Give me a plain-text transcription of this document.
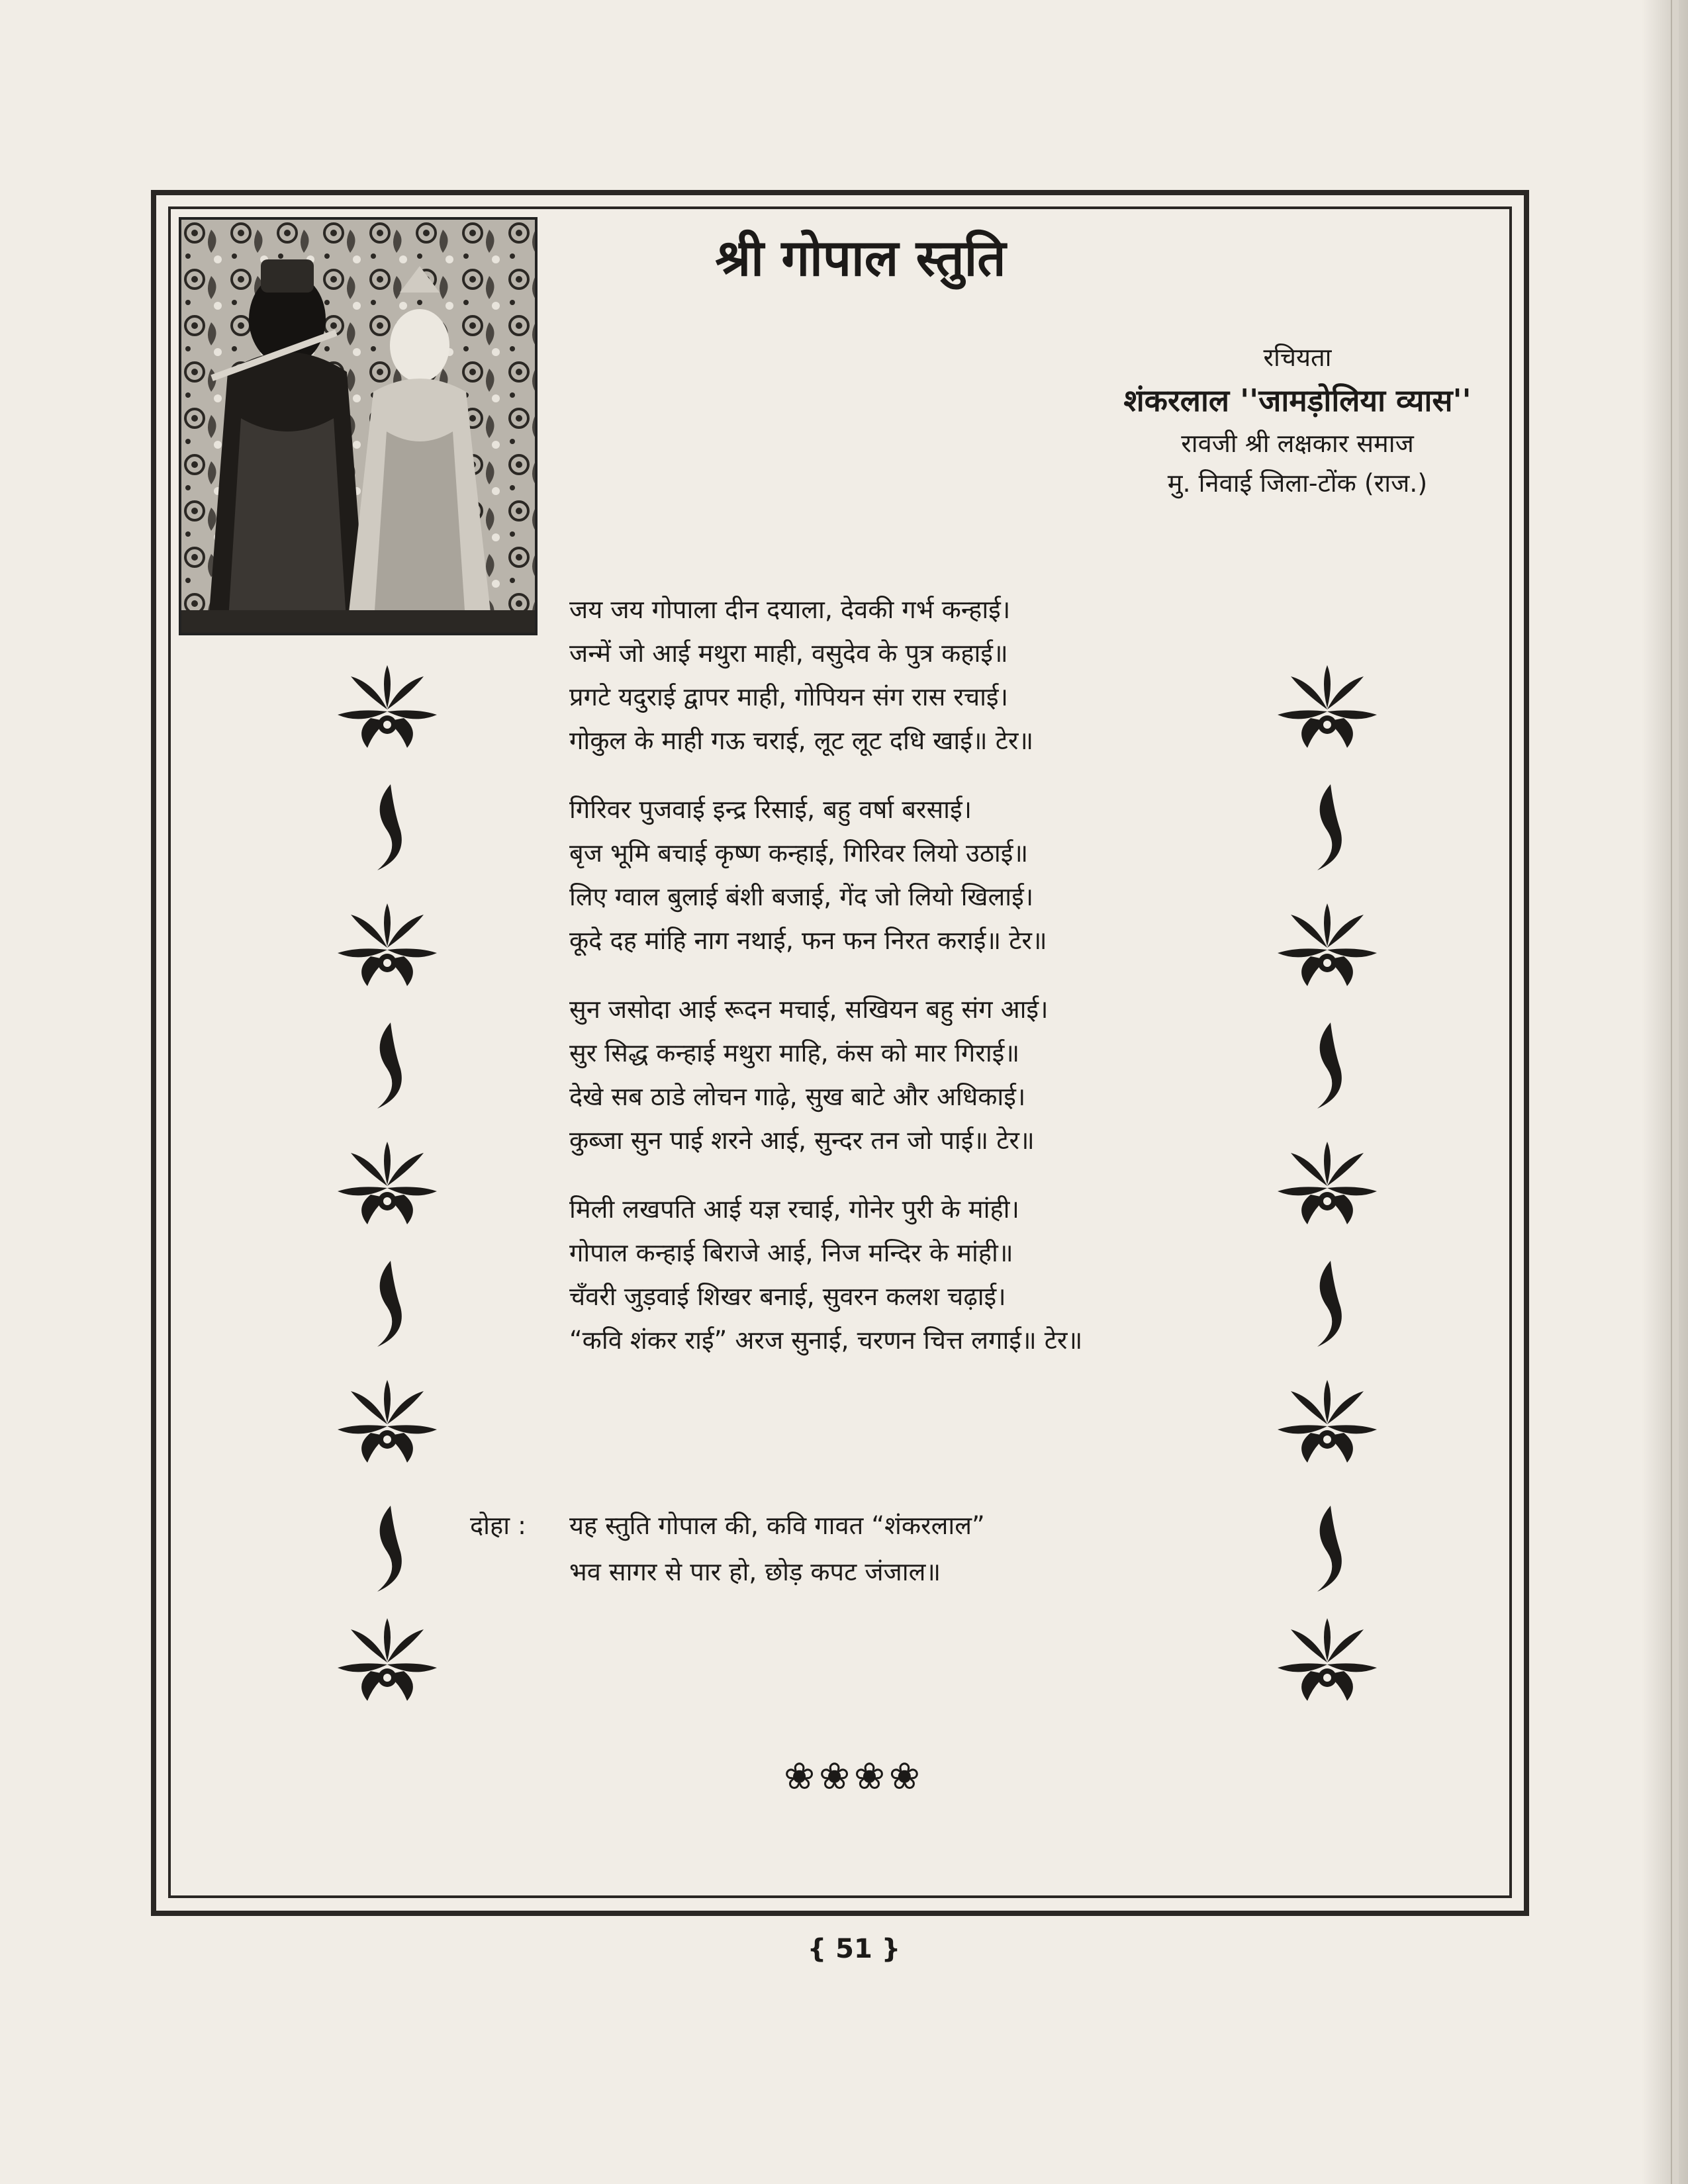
श्री गोपाल स्तुति
रचियता
शंकरलाल ''जामड़ोलिया व्यास''
रावजी श्री लक्षकार समाज
मु. निवाई जिला-टोंक (राज.)
जय जय गोपाला दीन दयाला, देवकी गर्भ कन्हाई।
जन्में जो आई मथुरा माही, वसुदेव के पुत्र कहाई॥
प्रगटे यदुराई द्वापर माही, गोपियन संग रास रचाई।
गोकुल के माही गऊ चराई, लूट लूट दधि खाई॥ टेर॥
गिरिवर पुजवाई इन्द्र रिसाई, बहु वर्षा बरसाई।
बृज भूमि बचाई कृष्ण कन्हाई, गिरिवर लियो उठाई॥
लिए ग्वाल बुलाई बंशी बजाई, गेंद जो लियो खिलाई।
कूदे दह मांहि नाग नथाई, फन फन निरत कराई॥ टेर॥
सुन जसोदा आई रूदन मचाई, सखियन बहु संग आई।
सुर सिद्ध कन्हाई मथुरा माहि, कंस को मार गिराई॥
देखे सब ठाडे लोचन गाढ़े, सुख बाटे और अधिकाई।
कुब्जा सुन पाई शरने आई, सुन्दर तन जो पाई॥ टेर॥
मिली लखपति आई यज्ञ रचाई, गोनेर पुरी के मांही।
गोपाल कन्हाई बिराजे आई, निज मन्दिर के मांही॥
चँवरी जुड़वाई शिखर बनाई, सुवरन कलश चढ़ाई।
“कवि शंकर राई” अरज सुनाई, चरणन चित्त लगाई॥ टेर॥
दोहा : यह स्तुति गोपाल की, कवि गावत “शंकरलाल”
भव सागर से पार हो, छोड़ कपट जंजाल॥
❀❀❀❀
{ 51 }
